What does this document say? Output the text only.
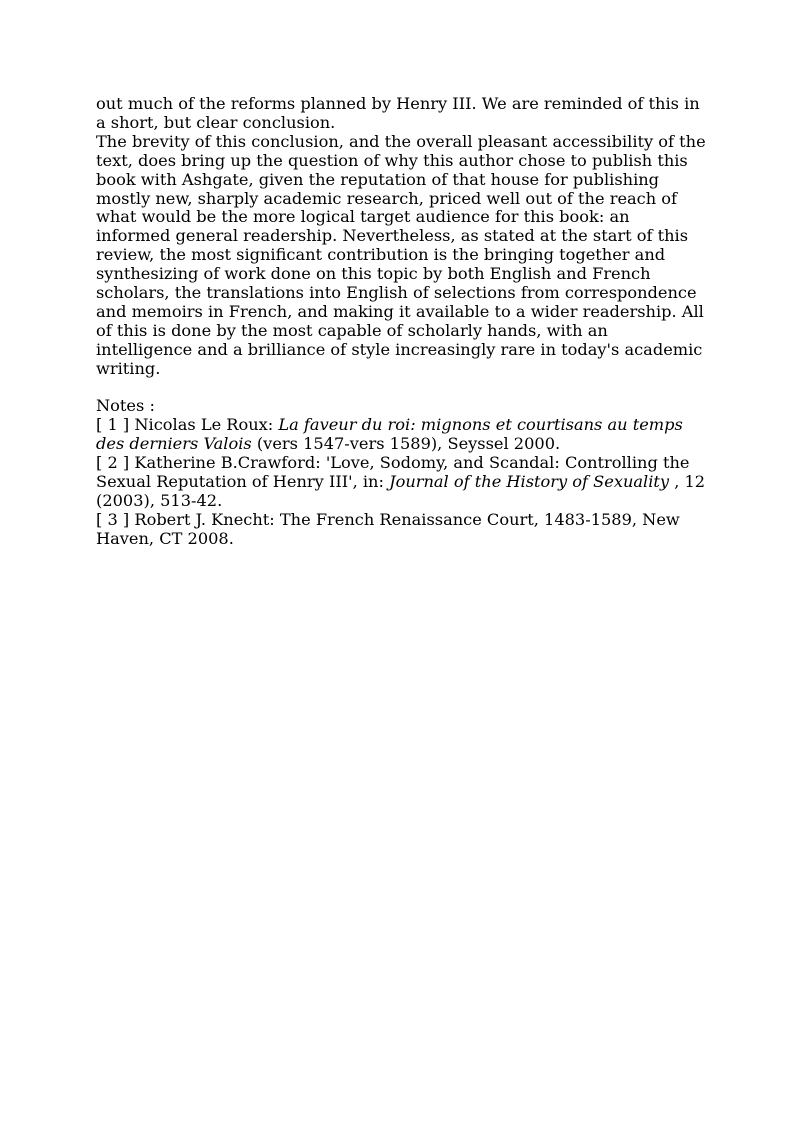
out much of the reforms planned by Henry III. We are reminded of this in a short, but clear conclusion.

The brevity of this conclusion, and the overall pleasant accessibility of the text, does bring up the question of why this author chose to publish this book with Ashgate, given the reputation of that house for publishing mostly new, sharply academic research, priced well out of the reach of what would be the more logical target audience for this book: an informed general readership. Nevertheless, as stated at the start of this review, the most significant contribution is the bringing together and synthesizing of work done on this topic by both English and French scholars, the translations into English of selections from correspondence and memoirs in French, and making it available to a wider readership. All of this is done by the most capable of scholarly hands, with an intelligence and a brilliance of style increasingly rare in today's academic writing.

Notes :

[ 1 ] Nicolas Le Roux: La faveur du roi: mignons et courtisans au temps des derniers Valois (vers 1547-vers 1589), Seyssel 2000.

[ 2 ] Katherine B.Crawford: 'Love, Sodomy, and Scandal: Controlling the Sexual Reputation of Henry III', in: Journal of the History of Sexuality , 12 (2003), 513-42.

[ 3 ] Robert J. Knecht: The French Renaissance Court, 1483-1589, New Haven, CT 2008.
